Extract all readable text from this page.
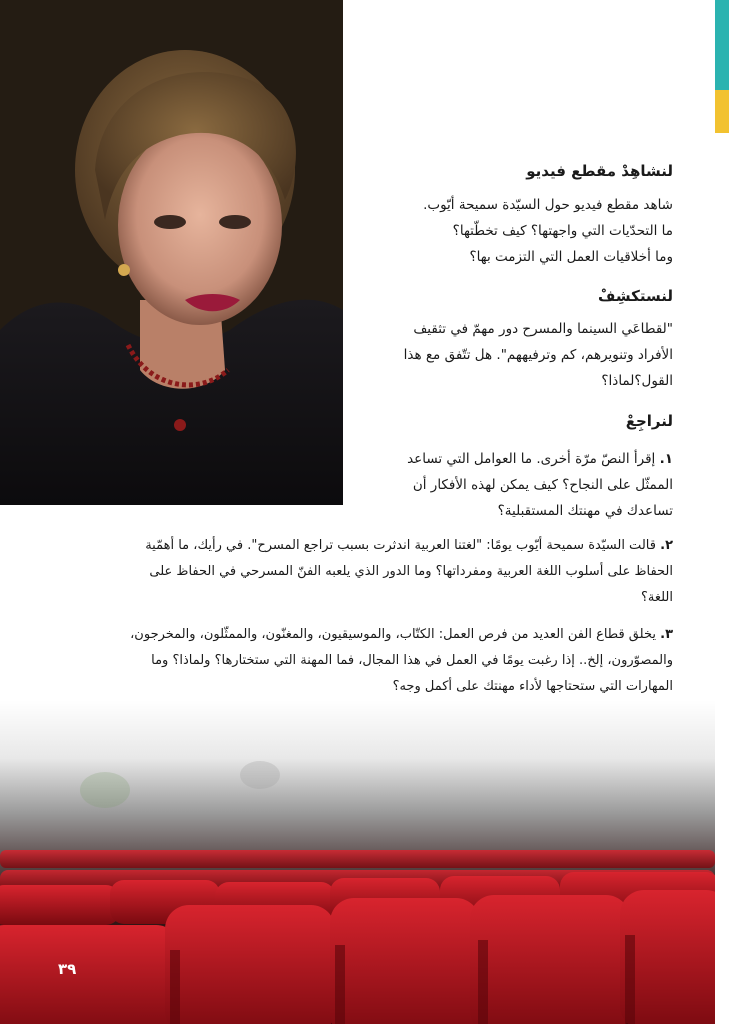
لنشاهِدْ مقطع فيديو
شاهد مقطع فيديو حول السيّدة سميحة أيّوب.
ما التحدّيات التي واجهتها؟ كيف تخطّتها؟
وما أخلاقيات العمل التي التزمت بها؟
لنستكشِفْ
"لقطاعَي السينما والمسرح دور مهمّ في تثقيف
الأفراد وتنويرهم، كم وترفيههم". هل تتّفق مع هذا
القول؟لماذا؟
لنراجِعْ
١. إقرأ النصّ مرّة أخرى. ما العوامل التي تساعد
الممثّل على النجاح؟ كيف يمكن لهذه الأفكار أن
تساعدك في مهنتك المستقبلية؟
٢. قالت السيّدة سميحة أيّوب يومًا: "لغتنا العربية اندثرت بسبب تراجع المسرح". في رأيك، ما أهمّية
الحفاظ على أسلوب اللغة العربية ومفرداتها؟ وما الدور الذي يلعبه الفنّ المسرحي في الحفاظ على
اللغة؟
٣. يخلق قطاع الفن العديد من فرص العمل: الكتّاب، والموسيقيون، والمغنّون، والممثّلون، والمخرجون،
والمصوّرون، إلخ.. إذا رغبت يومًا في العمل في هذا المجال، فما المهنة التي ستختارها؟ ولماذا؟ وما
المهارات التي ستحتاجها لأداء مهنتك على أكمل وجه؟
٣٩
